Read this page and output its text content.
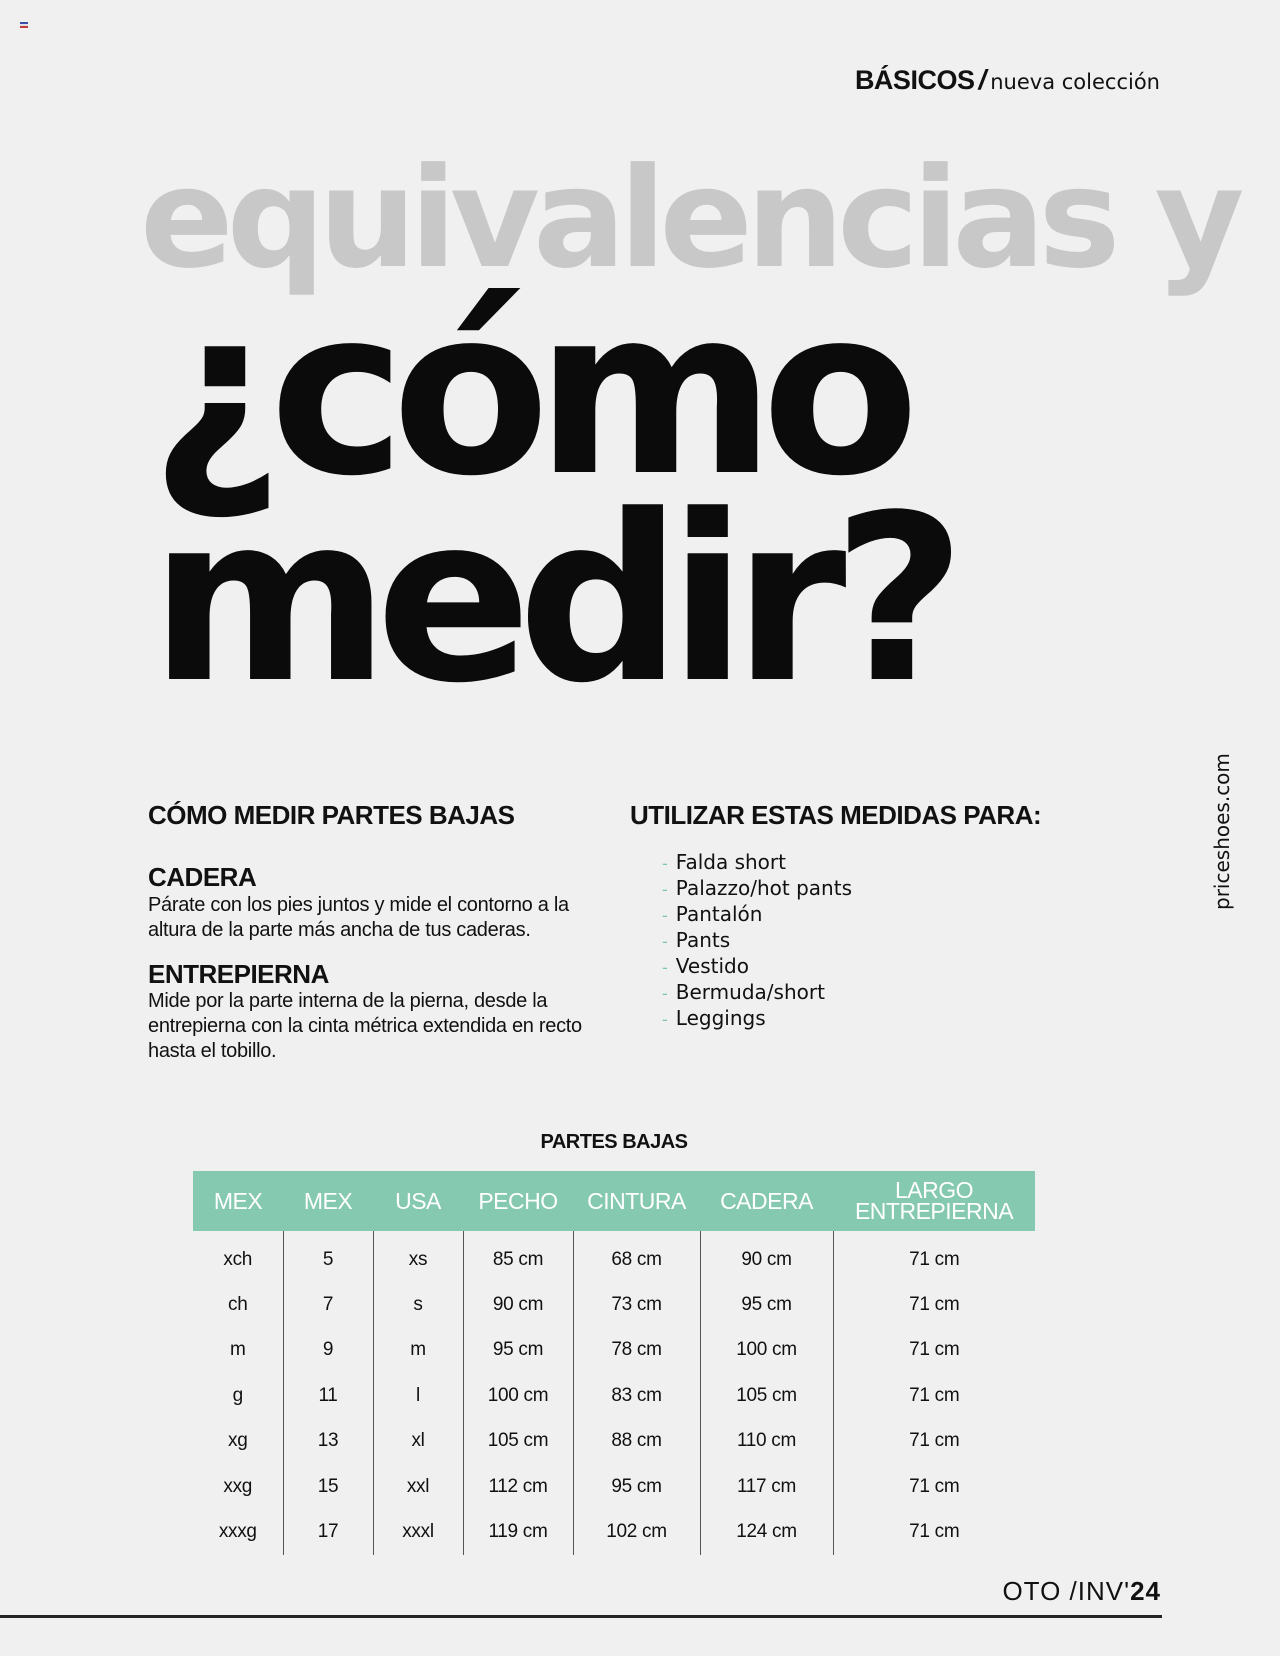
BÁSICOS / nueva colección
equivalencias y
¿cómo
medir?
priceshoes.com
CÓMO MEDIR PARTES BAJAS
CADERA
Párate con los pies juntos y mide el contorno a la altura de la parte más ancha de tus caderas.
ENTREPIERNA
Mide por la parte interna de la pierna, desde la entrepierna con la cinta métrica extendida en recto hasta el tobillo.
UTILIZAR ESTAS MEDIDAS PARA:
- Falda short
- Palazzo/hot pants
- Pantalón
- Pants
- Vestido
- Bermuda/short
- Leggings
PARTES BAJAS
MEX	MEX	USA	PECHO	CINTURA	CADERA	LARGO ENTREPIERNA
xch	5	xs	85 cm	68 cm	90 cm	71 cm
ch	7	s	90 cm	73 cm	95 cm	71 cm
m	9	m	95 cm	78 cm	100 cm	71 cm
g	11	l	100 cm	83 cm	105 cm	71 cm
xg	13	xl	105 cm	88 cm	110 cm	71 cm
xxg	15	xxl	112 cm	95 cm	117 cm	71 cm
xxxg	17	xxxl	119 cm	102 cm	124 cm	71 cm
OTO /INV'24
